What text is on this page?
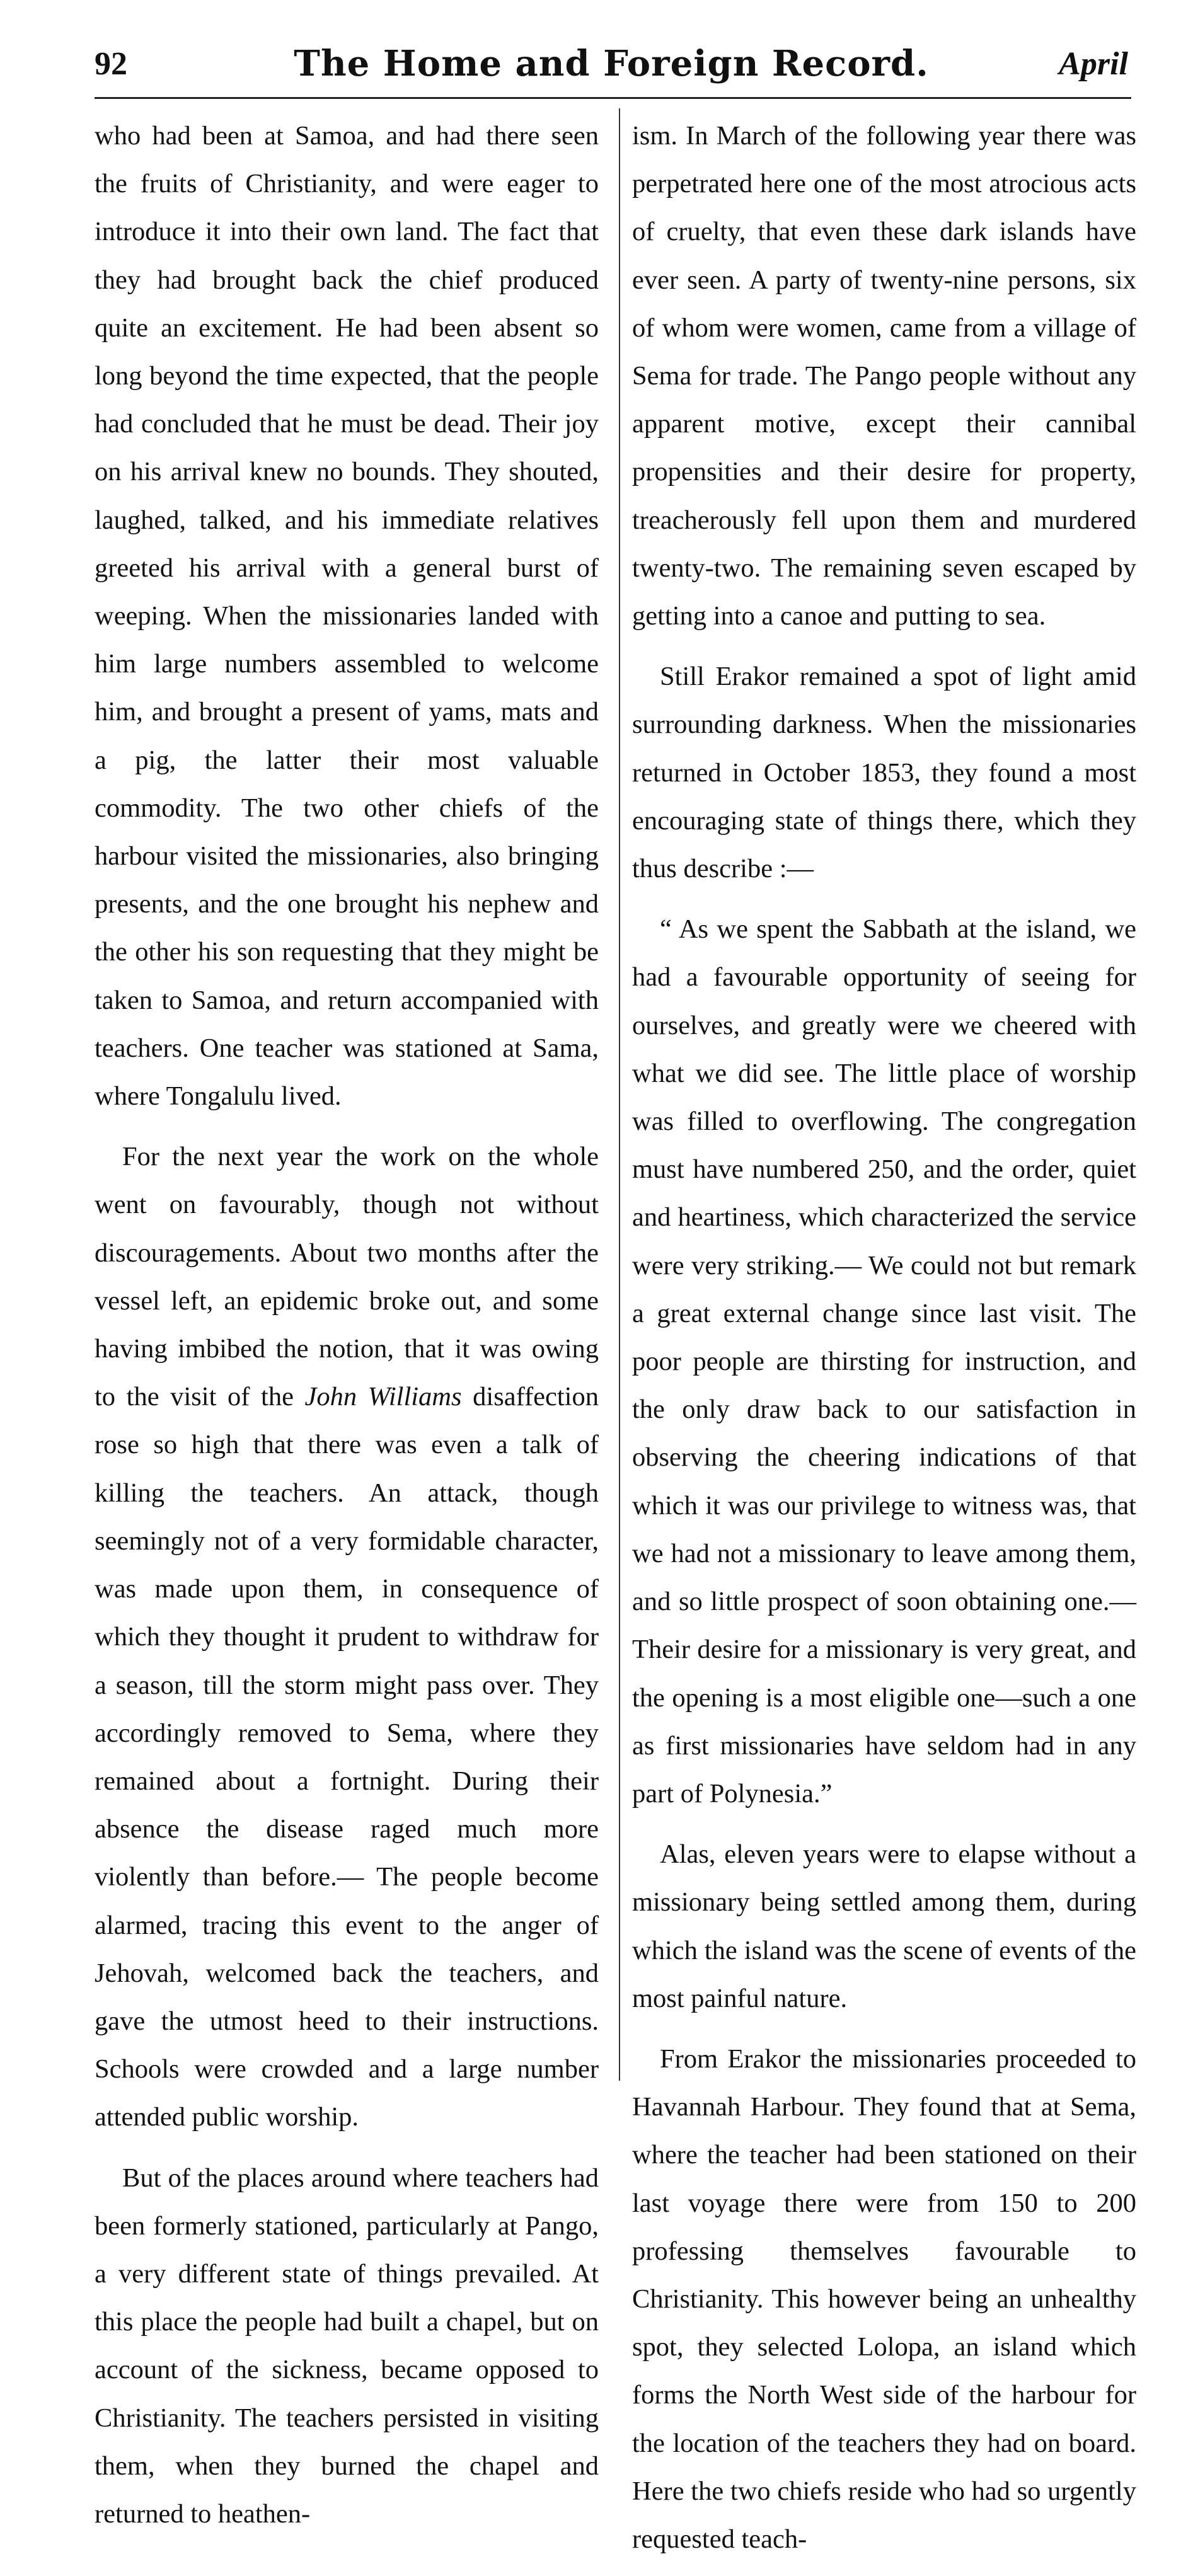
92	The Home and Foreign Record.	April

who had been at Samoa, and had there seen the fruits of Christianity, and were eager to introduce it into their own land. The fact that they had brought back the chief produced quite an excitement. He had been absent so long beyond the time expected, that the people had concluded that he must be dead. Their joy on his arrival knew no bounds. They shouted, laughed, talked, and his immediate relatives greeted his arrival with a general burst of weeping. When the missionaries landed with him large numbers assembled to welcome him, and brought a present of yams, mats and a pig, the latter their most valuable commodity. The two other chiefs of the harbour visited the missionaries, also bringing presents, and the one brought his nephew and the other his son requesting that they might be taken to Samoa, and return accompanied with teachers. One teacher was stationed at Sama, where Tongalulu lived.

For the next year the work on the whole went on favourably, though not without discouragements. About two months after the vessel left, an epidemic broke out, and some having imbibed the notion, that it was owing to the visit of the John Williams disaffection rose so high that there was even a talk of killing the teachers. An attack, though seemingly not of a very formidable character, was made upon them, in consequence of which they thought it prudent to withdraw for a season, till the storm might pass over. They accordingly removed to Sema, where they remained about a fortnight. During their absence the disease raged much more violently than before.— The people become alarmed, tracing this event to the anger of Jehovah, welcomed back the teachers, and gave the utmost heed to their instructions. Schools were crowded and a large number attended public worship.

But of the places around where teachers had been formerly stationed, particularly at Pango, a very different state of things prevailed. At this place the people had built a chapel, but on account of the sickness, became opposed to Christianity. The teachers persisted in visiting them, when they burned the chapel and returned to heathen-

ism. In March of the following year there was perpetrated here one of the most atrocious acts of cruelty, that even these dark islands have ever seen. A party of twenty-nine persons, six of whom were women, came from a village of Sema for trade. The Pango people without any apparent motive, except their cannibal propensities and their desire for property, treacherously fell upon them and murdered twenty-two. The remaining seven escaped by getting into a canoe and putting to sea.

Still Erakor remained a spot of light amid surrounding darkness. When the missionaries returned in October 1853, they found a most encouraging state of things there, which they thus describe :—

“ As we spent the Sabbath at the island, we had a favourable opportunity of seeing for ourselves, and greatly were we cheered with what we did see. The little place of worship was filled to overflowing. The congregation must have numbered 250, and the order, quiet and heartiness, which characterized the service were very striking.— We could not but remark a great external change since last visit. The poor people are thirsting for instruction, and the only draw back to our satisfaction in observing the cheering indications of that which it was our privilege to witness was, that we had not a missionary to leave among them, and so little prospect of soon obtaining one.— Their desire for a missionary is very great, and the opening is a most eligible one—such a one as first missionaries have seldom had in any part of Polynesia.”

Alas, eleven years were to elapse without a missionary being settled among them, during which the island was the scene of events of the most painful nature.

From Erakor the missionaries proceeded to Havannah Harbour. They found that at Sema, where the teacher had been stationed on their last voyage there were from 150 to 200 professing themselves favourable to Christianity. This however being an unhealthy spot, they selected Lolopa, an island which forms the North West side of the harbour for the location of the teachers they had on board. Here the two chiefs reside who had so urgently requested teach-
